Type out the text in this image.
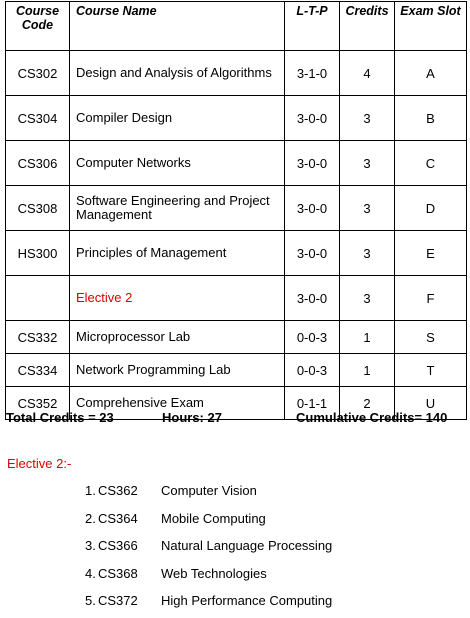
Course
Code	Course Name	L-T-P	Credits	Exam Slot
CS302	Design and Analysis of Algorithms	3-1-0	4	A
CS304	Compiler Design	3-0-0	3	B
CS306	Computer Networks	3-0-0	3	C
CS308	Software Engineering and Project Management	3-0-0	3	D
HS300	Principles of Management	3-0-0	3	E
	Elective 2	3-0-0	3	F
CS332	Microprocessor Lab	0-0-3	1	S
CS334	Network Programming Lab	0-0-3	1	T
CS352	Comprehensive Exam	0-1-1	2	U
Total Credits = 23	Hours: 27	Cumulative Credits= 140
Elective 2:-
1. CS362 Computer Vision
2. CS364 Mobile Computing
3. CS366 Natural Language Processing
4. CS368 Web Technologies
5. CS372 High Performance Computing
